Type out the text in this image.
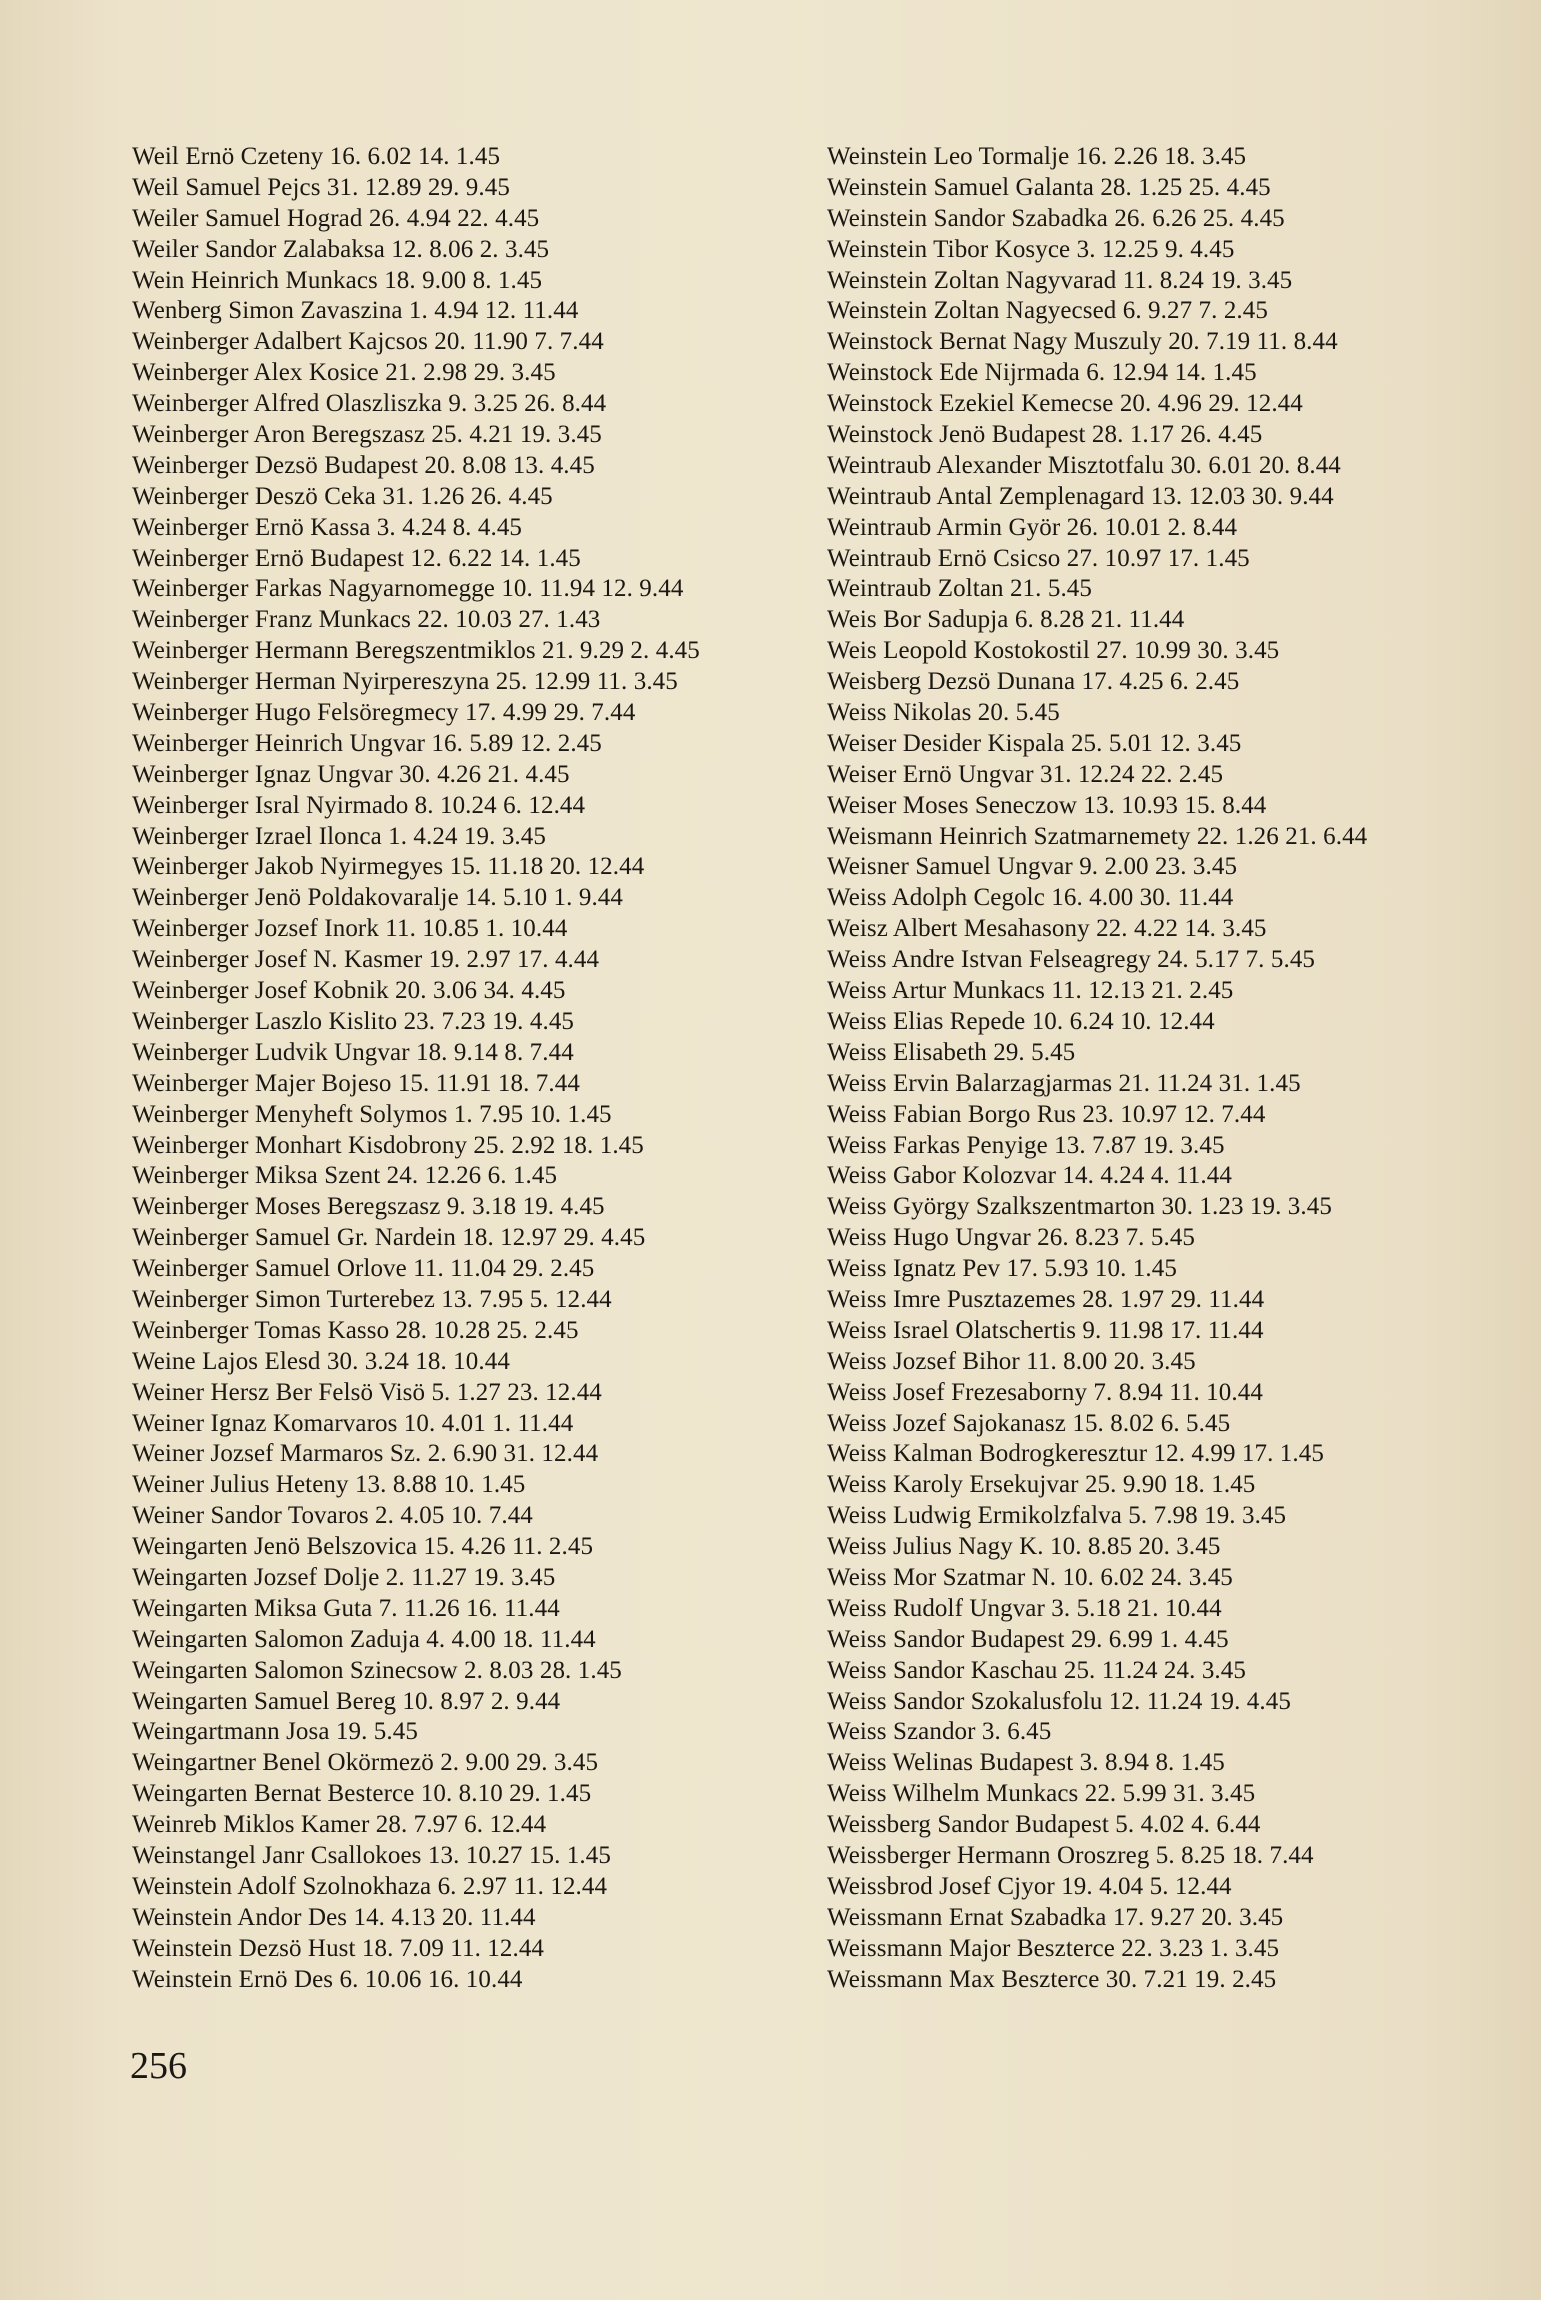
Weil Ernö Czeteny 16. 6.02 14. 1.45
Weil Samuel Pejcs 31. 12.89 29. 9.45
Weiler Samuel Hograd 26. 4.94 22. 4.45
Weiler Sandor Zalabaksa 12. 8.06 2. 3.45
Wein Heinrich Munkacs 18. 9.00 8. 1.45
Wenberg Simon Zavaszina 1. 4.94 12. 11.44
Weinberger Adalbert Kajcsos 20. 11.90 7. 7.44
Weinberger Alex Kosice 21. 2.98 29. 3.45
Weinberger Alfred Olaszliszka 9. 3.25 26. 8.44
Weinberger Aron Beregszasz 25. 4.21 19. 3.45
Weinberger Dezsö Budapest 20. 8.08 13. 4.45
Weinberger Deszö Ceka 31. 1.26 26. 4.45
Weinberger Ernö Kassa 3. 4.24 8. 4.45
Weinberger Ernö Budapest 12. 6.22 14. 1.45
Weinberger Farkas Nagyarnomegge 10. 11.94 12. 9.44
Weinberger Franz Munkacs 22. 10.03 27. 1.43
Weinberger Hermann Beregszentmiklos 21. 9.29 2. 4.45
Weinberger Herman Nyirpereszyna 25. 12.99 11. 3.45
Weinberger Hugo Felsöregmecy 17. 4.99 29. 7.44
Weinberger Heinrich Ungvar 16. 5.89 12. 2.45
Weinberger Ignaz Ungvar 30. 4.26 21. 4.45
Weinberger Isral Nyirmado 8. 10.24 6. 12.44
Weinberger Izrael Ilonca 1. 4.24 19. 3.45
Weinberger Jakob Nyirmegyes 15. 11.18 20. 12.44
Weinberger Jenö Poldakovaralje 14. 5.10 1. 9.44
Weinberger Jozsef Inork 11. 10.85 1. 10.44
Weinberger Josef N. Kasmer 19. 2.97 17. 4.44
Weinberger Josef Kobnik 20. 3.06 34. 4.45
Weinberger Laszlo Kislito 23. 7.23 19. 4.45
Weinberger Ludvik Ungvar 18. 9.14 8. 7.44
Weinberger Majer Bojeso 15. 11.91 18. 7.44
Weinberger Menyheft Solymos 1. 7.95 10. 1.45
Weinberger Monhart Kisdobrony 25. 2.92 18. 1.45
Weinberger Miksa Szent 24. 12.26 6. 1.45
Weinberger Moses Beregszasz 9. 3.18 19. 4.45
Weinberger Samuel Gr. Nardein 18. 12.97 29. 4.45
Weinberger Samuel Orlove 11. 11.04 29. 2.45
Weinberger Simon Turterebez 13. 7.95 5. 12.44
Weinberger Tomas Kasso 28. 10.28 25. 2.45
Weine Lajos Elesd 30. 3.24 18. 10.44
Weiner Hersz Ber Felsö Visö 5. 1.27 23. 12.44
Weiner Ignaz Komarvaros 10. 4.01 1. 11.44
Weiner Jozsef Marmaros Sz. 2. 6.90 31. 12.44
Weiner Julius Heteny 13. 8.88 10. 1.45
Weiner Sandor Tovaros 2. 4.05 10. 7.44
Weingarten Jenö Belszovica 15. 4.26 11. 2.45
Weingarten Jozsef Dolje 2. 11.27 19. 3.45
Weingarten Miksa Guta 7. 11.26 16. 11.44
Weingarten Salomon Zaduja 4. 4.00 18. 11.44
Weingarten Salomon Szinecsow 2. 8.03 28. 1.45
Weingarten Samuel Bereg 10. 8.97 2. 9.44
Weingartmann Josa 19. 5.45
Weingartner Benel Okörmezö 2. 9.00 29. 3.45
Weingarten Bernat Besterce 10. 8.10 29. 1.45
Weinreb Miklos Kamer 28. 7.97 6. 12.44
Weinstangel Janr Csallokoes 13. 10.27 15. 1.45
Weinstein Adolf Szolnokhaza 6. 2.97 11. 12.44
Weinstein Andor Des 14. 4.13 20. 11.44
Weinstein Dezsö Hust 18. 7.09 11. 12.44
Weinstein Ernö Des 6. 10.06 16. 10.44
Weinstein Leo Tormalje 16. 2.26 18. 3.45
Weinstein Samuel Galanta 28. 1.25 25. 4.45
Weinstein Sandor Szabadka 26. 6.26 25. 4.45
Weinstein Tibor Kosyce 3. 12.25 9. 4.45
Weinstein Zoltan Nagyvarad 11. 8.24 19. 3.45
Weinstein Zoltan Nagyecsed 6. 9.27 7. 2.45
Weinstock Bernat Nagy Muszuly 20. 7.19 11. 8.44
Weinstock Ede Nijrmada 6. 12.94 14. 1.45
Weinstock Ezekiel Kemecse 20. 4.96 29. 12.44
Weinstock Jenö Budapest 28. 1.17 26. 4.45
Weintraub Alexander Misztotfalu 30. 6.01 20. 8.44
Weintraub Antal Zemplenagard 13. 12.03 30. 9.44
Weintraub Armin Györ 26. 10.01 2. 8.44
Weintraub Ernö Csicso 27. 10.97 17. 1.45
Weintraub Zoltan 21. 5.45
Weis Bor Sadupja 6. 8.28 21. 11.44
Weis Leopold Kostokostil 27. 10.99 30. 3.45
Weisberg Dezsö Dunana 17. 4.25 6. 2.45
Weiss Nikolas 20. 5.45
Weiser Desider Kispala 25. 5.01 12. 3.45
Weiser Ernö Ungvar 31. 12.24 22. 2.45
Weiser Moses Seneczow 13. 10.93 15. 8.44
Weismann Heinrich Szatmarnemety 22. 1.26 21. 6.44
Weisner Samuel Ungvar 9. 2.00 23. 3.45
Weiss Adolph Cegolc 16. 4.00 30. 11.44
Weisz Albert Mesahasony 22. 4.22 14. 3.45
Weiss Andre Istvan Felseagregy 24. 5.17 7. 5.45
Weiss Artur Munkacs 11. 12.13 21. 2.45
Weiss Elias Repede 10. 6.24 10. 12.44
Weiss Elisabeth 29. 5.45
Weiss Ervin Balarzagjarmas 21. 11.24 31. 1.45
Weiss Fabian Borgo Rus 23. 10.97 12. 7.44
Weiss Farkas Penyige 13. 7.87 19. 3.45
Weiss Gabor Kolozvar 14. 4.24 4. 11.44
Weiss György Szalkszentmarton 30. 1.23 19. 3.45
Weiss Hugo Ungvar 26. 8.23 7. 5.45
Weiss Ignatz Pev 17. 5.93 10. 1.45
Weiss Imre Pusztazemes 28. 1.97 29. 11.44
Weiss Israel Olatschertis 9. 11.98 17. 11.44
Weiss Jozsef Bihor 11. 8.00 20. 3.45
Weiss Josef Frezesaborny 7. 8.94 11. 10.44
Weiss Jozef Sajokanasz 15. 8.02 6. 5.45
Weiss Kalman Bodrogkeresztur 12. 4.99 17. 1.45
Weiss Karoly Ersekujvar 25. 9.90 18. 1.45
Weiss Ludwig Ermikolzfalva 5. 7.98 19. 3.45
Weiss Julius Nagy K. 10. 8.85 20. 3.45
Weiss Mor Szatmar N. 10. 6.02 24. 3.45
Weiss Rudolf Ungvar 3. 5.18 21. 10.44
Weiss Sandor Budapest 29. 6.99 1. 4.45
Weiss Sandor Kaschau 25. 11.24 24. 3.45
Weiss Sandor Szokalusfolu 12. 11.24 19. 4.45
Weiss Szandor 3. 6.45
Weiss Welinas Budapest 3. 8.94 8. 1.45
Weiss Wilhelm Munkacs 22. 5.99 31. 3.45
Weissberg Sandor Budapest 5. 4.02 4. 6.44
Weissberger Hermann Oroszreg 5. 8.25 18. 7.44
Weissbrod Josef Cjyor 19. 4.04 5. 12.44
Weissmann Ernat Szabadka 17. 9.27 20. 3.45
Weissmann Major Beszterce 22. 3.23 1. 3.45
Weissmann Max Beszterce 30. 7.21 19. 2.45
256
